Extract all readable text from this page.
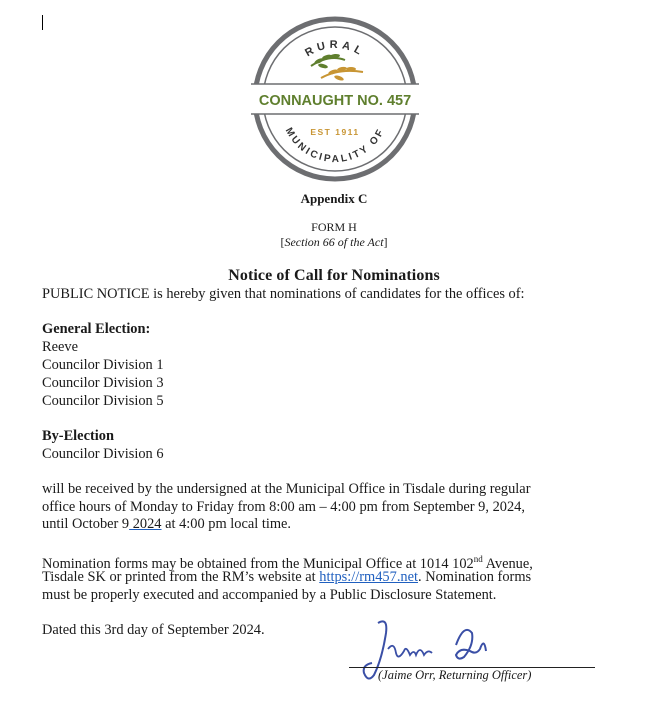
RURAL
CONNAUGHT NO. 457
EST 1911
MUNICIPALITY OF
Appendix C
FORM H
[Section 66 of the Act]
Notice of Call for Nominations
PUBLIC NOTICE is hereby given that nominations of candidates for the offices of:
General Election:
Reeve
Councilor Division 1
Councilor Division 3
Councilor Division 5
By-Election
Councilor Division 6
will be received by the undersigned at the Municipal Office in Tisdale during regular
office hours of Monday to Friday from 8:00 am – 4:00 pm from September 9, 2024,
until October 9 2024 at 4:00 pm local time.
Nomination forms may be obtained from the Municipal Office at 1014 102nd Avenue,
Tisdale SK or printed from the RM’s website at https://rm457.net. Nomination forms
must be properly executed and accompanied by a Public Disclosure Statement.
Dated this 3rd day of September 2024.
(Jaime Orr, Returning Officer)
